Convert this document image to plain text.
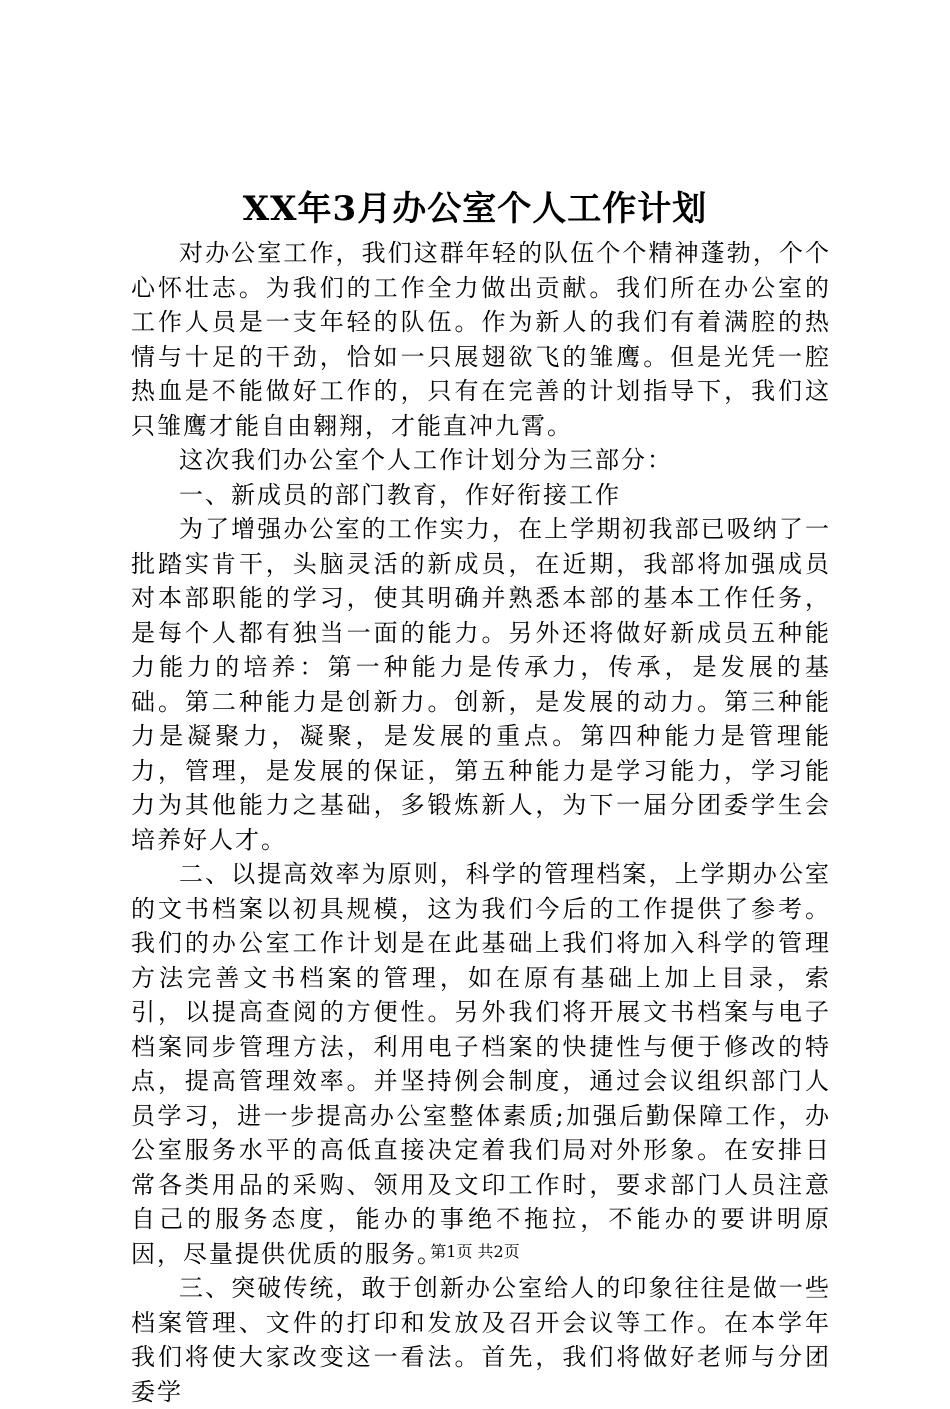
XX年3月办公室个人工作计划

对办公室工作，我们这群年轻的队伍个个精神蓬勃，个个心怀壮志。为我们的工作全力做出贡献。我们所在办公室的工作人员是一支年轻的队伍。作为新人的我们有着满腔的热情与十足的干劲，恰如一只展翅欲飞的雏鹰。但是光凭一腔热血是不能做好工作的，只有在完善的计划指导下，我们这只雏鹰才能自由翱翔，才能直冲九霄。

这次我们办公室个人工作计划分为三部分：

一、新成员的部门教育，作好衔接工作

为了增强办公室的工作实力，在上学期初我部已吸纳了一批踏实肯干，头脑灵活的新成员，在近期，我部将加强成员对本部职能的学习，使其明确并熟悉本部的基本工作任务，是每个人都有独当一面的能力。另外还将做好新成员五种能力能力的培养：第一种能力是传承力，传承，是发展的基础。第二种能力是创新力。创新，是发展的动力。第三种能力是凝聚力，凝聚，是发展的重点。第四种能力是管理能力，管理，是发展的保证，第五种能力是学习能力，学习能力为其他能力之基础，多锻炼新人，为下一届分团委学生会培养好人才。

二、以提高效率为原则，科学的管理档案，上学期办公室的文书档案以初具规模，这为我们今后的工作提供了参考。我们的办公室工作计划是在此基础上我们将加入科学的管理方法完善文书档案的管理，如在原有基础上加上目录，索引，以提高查阅的方便性。另外我们将开展文书档案与电子档案同步管理方法，利用电子档案的快捷性与便于修改的特点，提高管理效率。并坚持例会制度，通过会议组织部门人员学习，进一步提高办公室整体素质;加强后勤保障工作，办公室服务水平的高低直接决定着我们局对外形象。在安排日常各类用品的采购、领用及文印工作时，要求部门人员注意自己的服务态度，能办的事绝不拖拉，不能办的要讲明原因，尽量提供优质的服务。

三、突破传统，敢于创新办公室给人的印象往往是做一些档案管理、文件的打印和发放及召开会议等工作。在本学年我们将使大家改变这一看法。首先，我们将做好老师与分团委学

第1页 共2页
